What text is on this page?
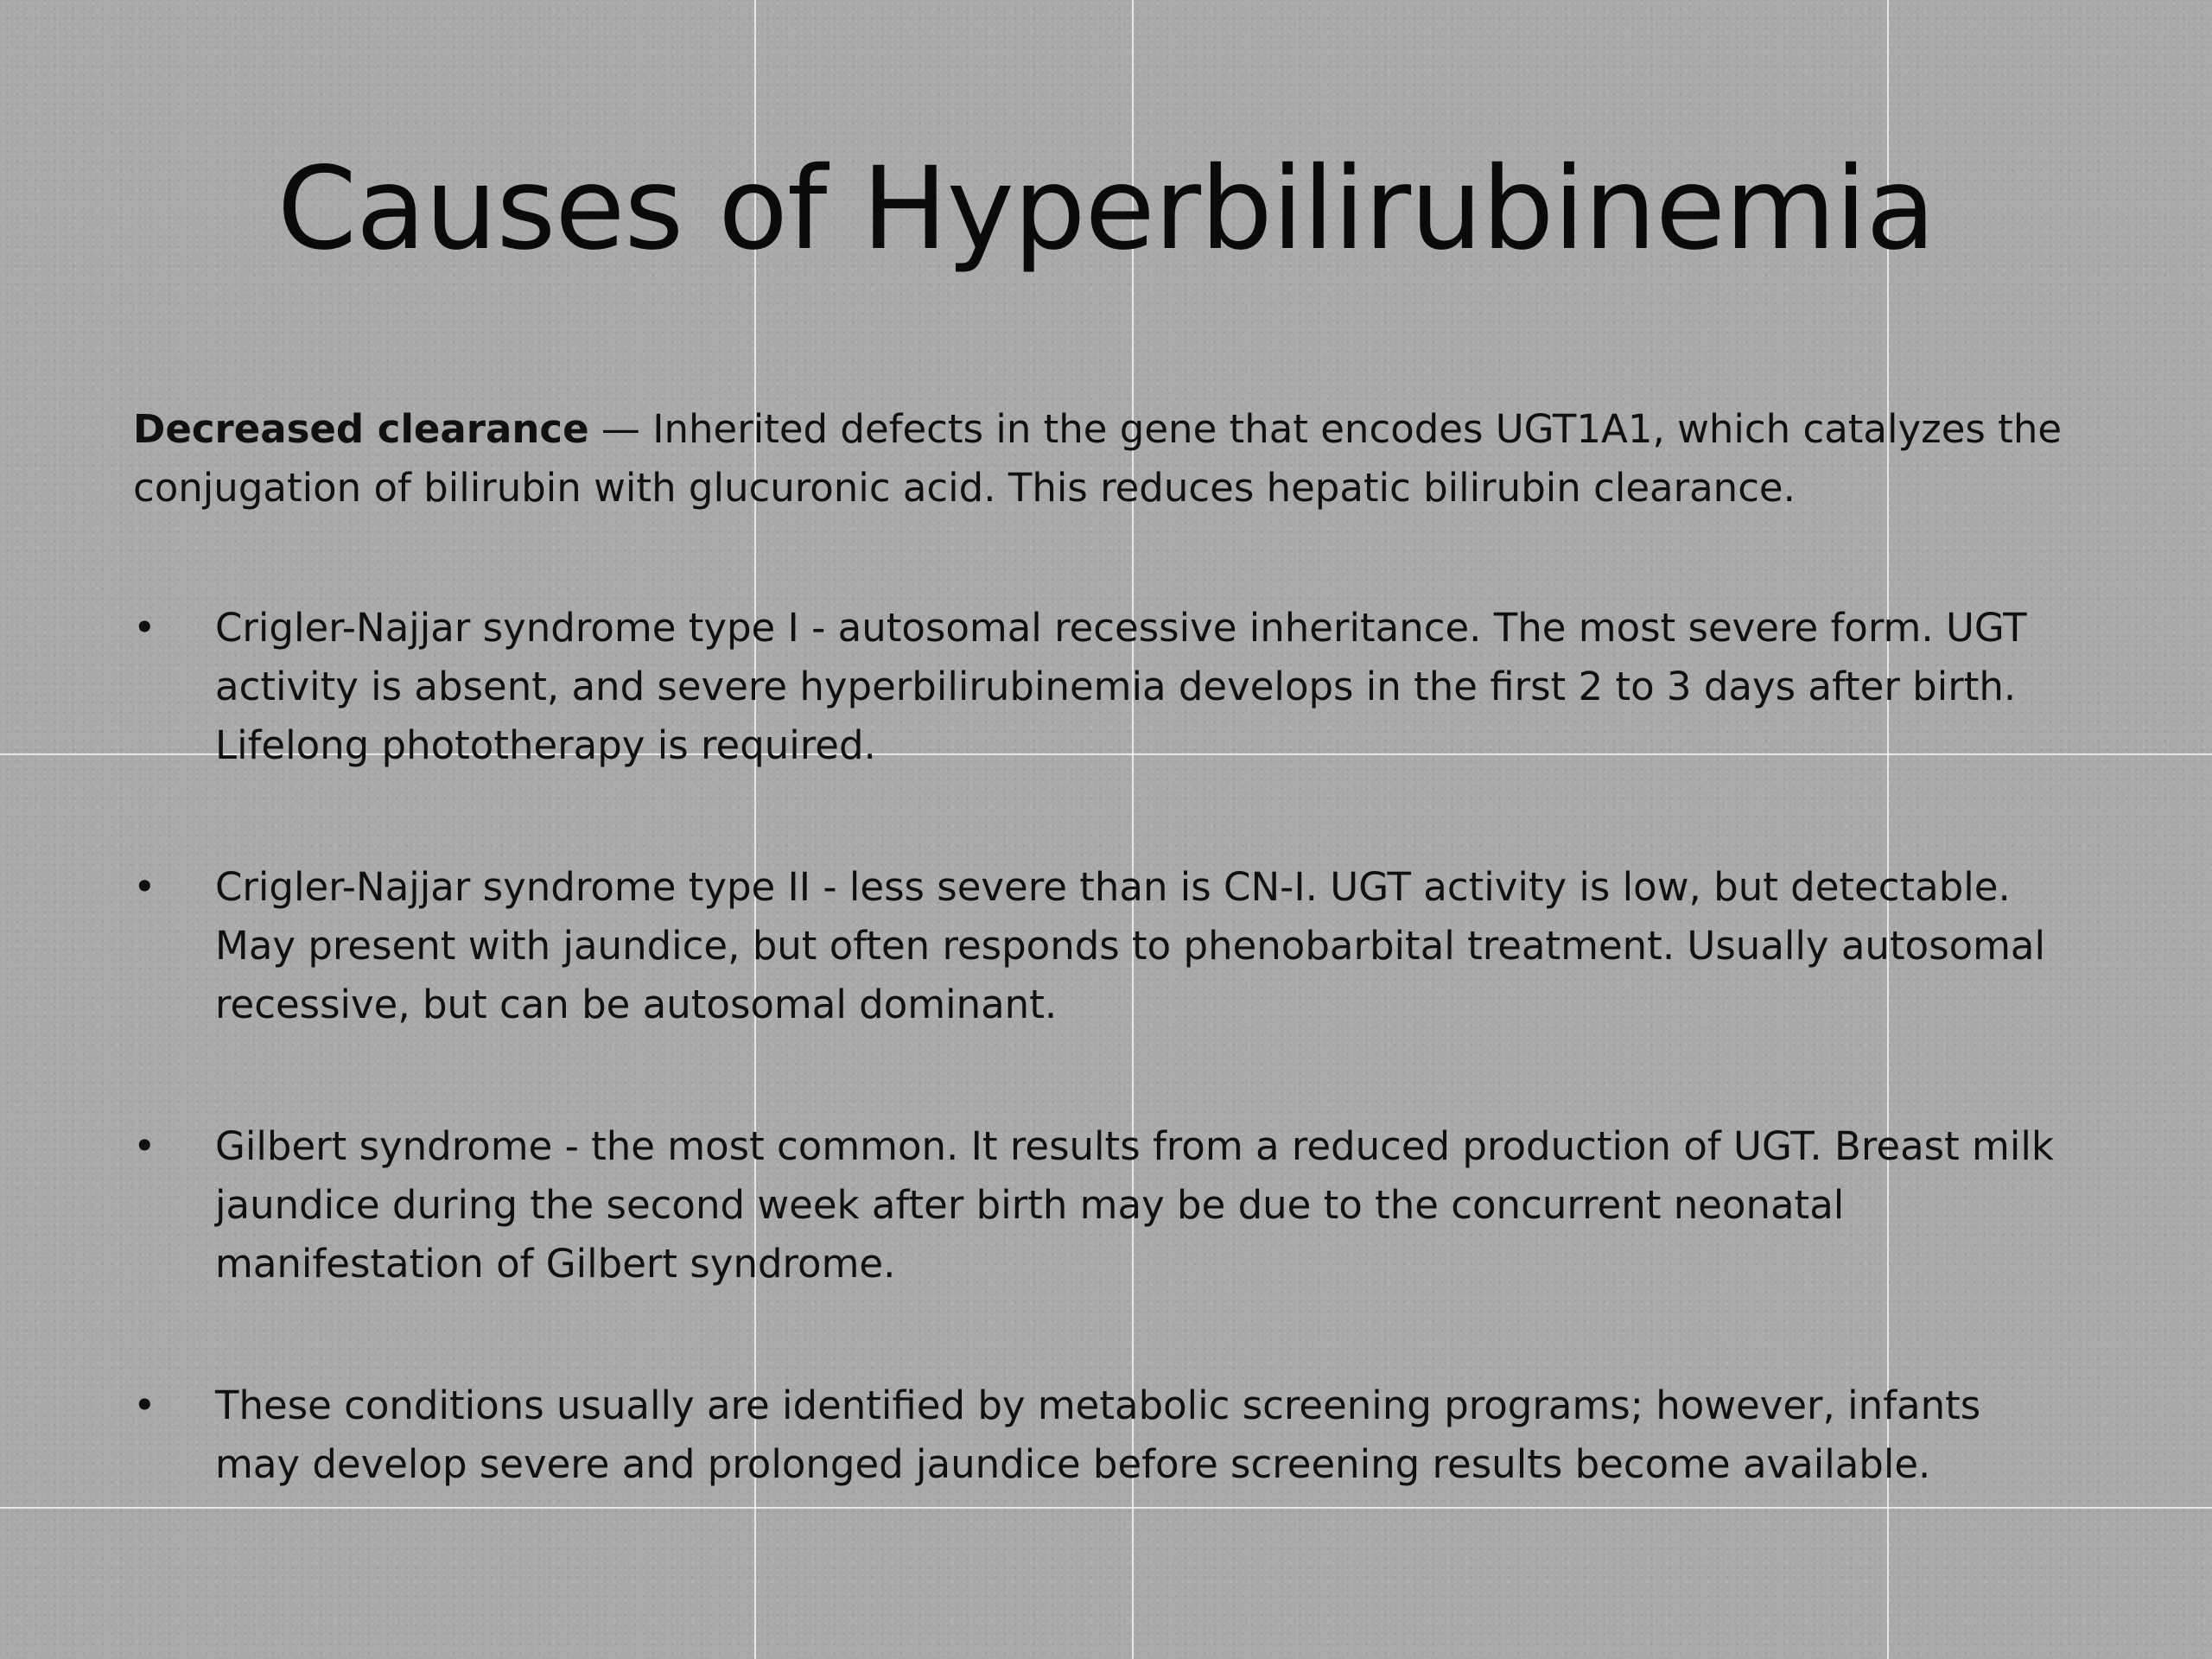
Causes of Hyperbilirubinemia

Decreased clearance — Inherited defects in the gene that encodes UGT1A1, which catalyzes the conjugation of bilirubin with glucuronic acid. This reduces hepatic bilirubin clearance.

• Crigler-Najjar syndrome type I - autosomal recessive inheritance. The most severe form. UGT activity is absent, and severe hyperbilirubinemia develops in the first 2 to 3 days after birth. Lifelong phototherapy is required.
• Crigler-Najjar syndrome type II - less severe than is CN-I. UGT activity is low, but detectable. May present with jaundice, but often responds to phenobarbital treatment. Usually autosomal recessive, but can be autosomal dominant.
• Gilbert syndrome - the most common. It results from a reduced production of UGT. Breast milk jaundice during the second week after birth may be due to the concurrent neonatal manifestation of Gilbert syndrome.
• These conditions usually are identified by metabolic screening programs; however, infants may develop severe and prolonged jaundice before screening results become available.
